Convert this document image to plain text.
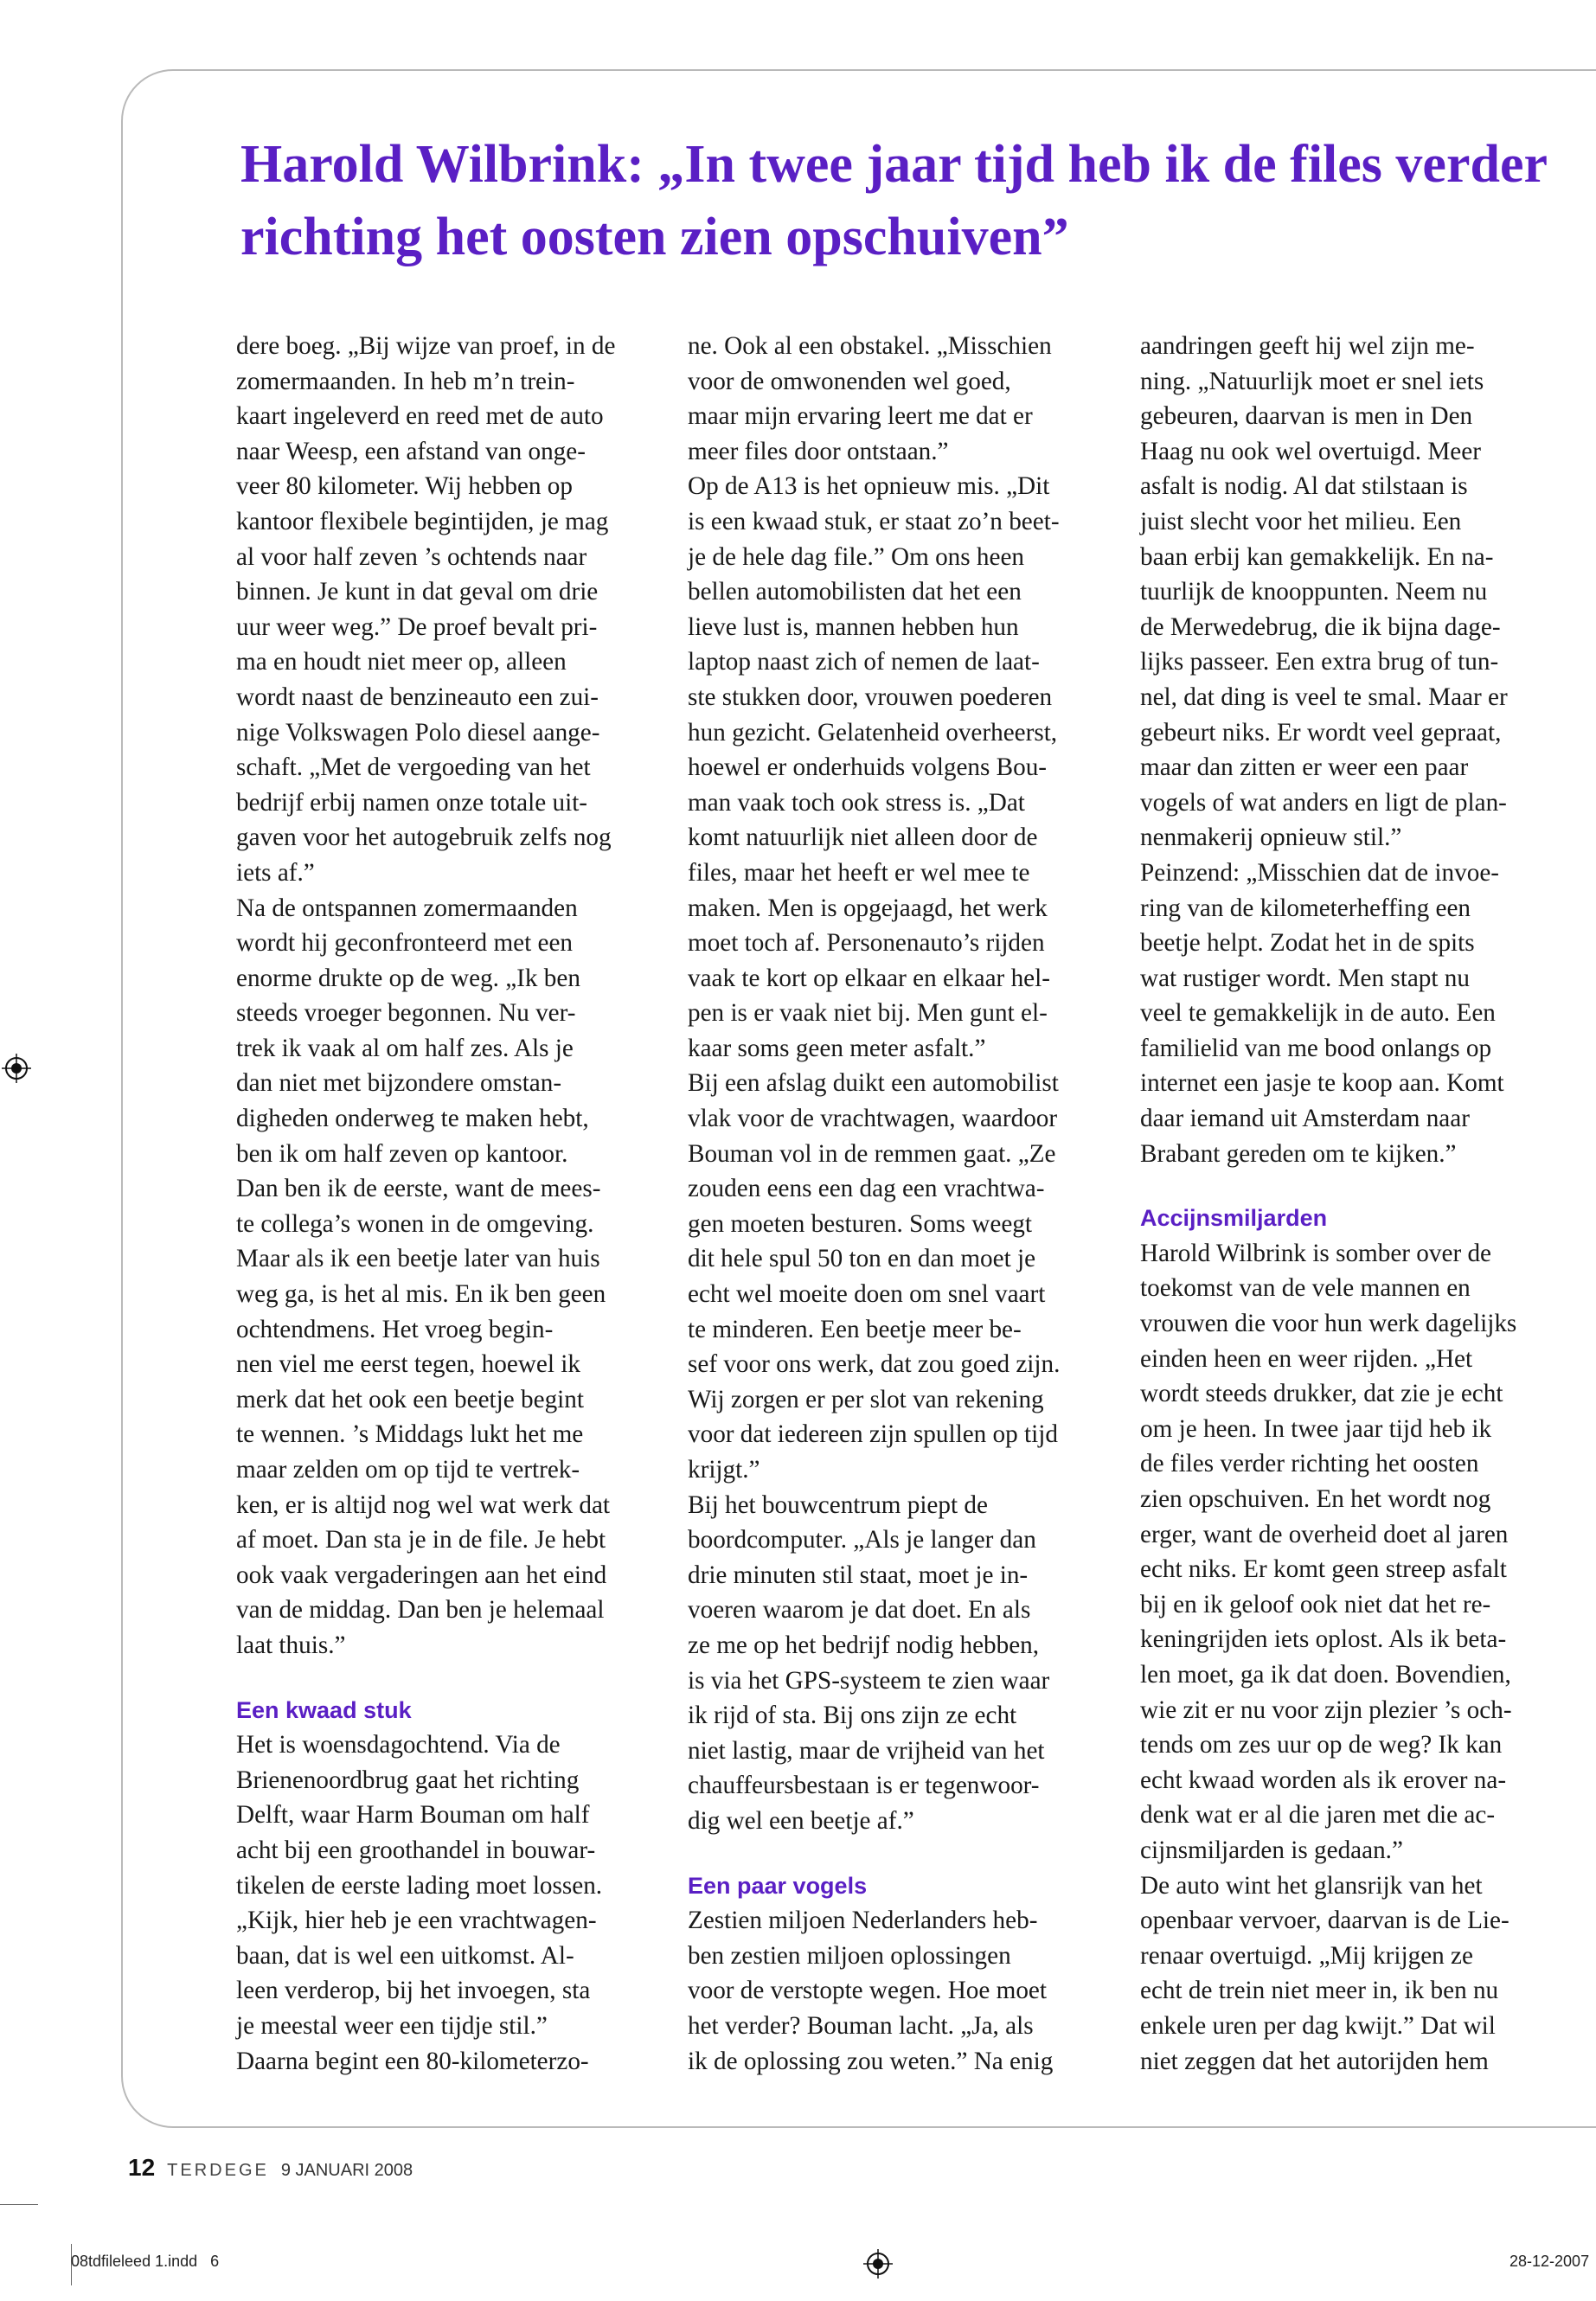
Harold Wilbrink: „In twee jaar tijd heb ik de files verder richting het oosten zien opschuiven”
dere boeg. „Bij wijze van proef, in de
zomermaanden. In heb m’n trein-
kaart ingeleverd en reed met de auto
naar Weesp, een afstand van onge-
veer 80 kilometer. Wij hebben op
kantoor flexibele begintijden, je mag
al voor half zeven ’s ochtends naar
binnen. Je kunt in dat geval om drie
uur weer weg.” De proef bevalt pri-
ma en houdt niet meer op, alleen
wordt naast de benzineauto een zui-
nige Volkswagen Polo diesel aange-
schaft. „Met de vergoeding van het
bedrijf erbij namen onze totale uit-
gaven voor het autogebruik zelfs nog
iets af.”
Na de ontspannen zomermaanden
wordt hij geconfronteerd met een
enorme drukte op de weg. „Ik ben
steeds vroeger begonnen. Nu ver-
trek ik vaak al om half zes. Als je
dan niet met bijzondere omstan-
digheden onderweg te maken hebt,
ben ik om half zeven op kantoor.
Dan ben ik de eerste, want de mees-
te collega’s wonen in de omgeving.
Maar als ik een beetje later van huis
weg ga, is het al mis. En ik ben geen
ochtendmens. Het vroeg begin-
nen viel me eerst tegen, hoewel ik
merk dat het ook een beetje begint
te wennen. ’s Middags lukt het me
maar zelden om op tijd te vertrek-
ken, er is altijd nog wel wat werk dat
af moet. Dan sta je in de file. Je hebt
ook vaak vergaderingen aan het eind
van de middag. Dan ben je helemaal
laat thuis.”
Een kwaad stuk
Het is woensdagochtend. Via de
Brienenoordbrug gaat het richting
Delft, waar Harm Bouman om half
acht bij een groothandel in bouwar-
tikelen de eerste lading moet lossen.
„Kijk, hier heb je een vrachtwagen-
baan, dat is wel een uitkomst. Al-
leen verderop, bij het invoegen, sta
je meestal weer een tijdje stil.”
Daarna begint een 80-kilometerzo-
ne. Ook al een obstakel. „Misschien
voor de omwonenden wel goed,
maar mijn ervaring leert me dat er
meer files door ontstaan.”
Op de A13 is het opnieuw mis. „Dit
is een kwaad stuk, er staat zo’n beet-
je de hele dag file.” Om ons heen
bellen automobilisten dat het een
lieve lust is, mannen hebben hun
laptop naast zich of nemen de laat-
ste stukken door, vrouwen poederen
hun gezicht. Gelatenheid overheerst,
hoewel er onderhuids volgens Bou-
man vaak toch ook stress is. „Dat
komt natuurlijk niet alleen door de
files, maar het heeft er wel mee te
maken. Men is opgejaagd, het werk
moet toch af. Personenauto’s rijden
vaak te kort op elkaar en elkaar hel-
pen is er vaak niet bij. Men gunt el-
kaar soms geen meter asfalt.”
Bij een afslag duikt een automobilist
vlak voor de vrachtwagen, waardoor
Bouman vol in de remmen gaat. „Ze
zouden eens een dag een vrachtwa-
gen moeten besturen. Soms weegt
dit hele spul 50 ton en dan moet je
echt wel moeite doen om snel vaart
te minderen. Een beetje meer be-
sef voor ons werk, dat zou goed zijn.
Wij zorgen er per slot van rekening
voor dat iedereen zijn spullen op tijd
krijgt.”
Bij het bouwcentrum piept de
boordcomputer. „Als je langer dan
drie minuten stil staat, moet je in-
voeren waarom je dat doet. En als
ze me op het bedrijf nodig hebben,
is via het GPS-systeem te zien waar
ik rijd of sta. Bij ons zijn ze echt
niet lastig, maar de vrijheid van het
chauffeursbestaan is er tegenwoor-
dig wel een beetje af.”
Een paar vogels
Zestien miljoen Nederlanders heb-
ben zestien miljoen oplossingen
voor de verstopte wegen. Hoe moet
het verder? Bouman lacht. „Ja, als
ik de oplossing zou weten.” Na enig
aandringen geeft hij wel zijn me-
ning. „Natuurlijk moet er snel iets
gebeuren, daarvan is men in Den
Haag nu ook wel overtuigd. Meer
asfalt is nodig. Al dat stilstaan is
juist slecht voor het milieu. Een
baan erbij kan gemakkelijk. En na-
tuurlijk de knooppunten. Neem nu
de Merwedebrug, die ik bijna dage-
lijks passeer. Een extra brug of tun-
nel, dat ding is veel te smal. Maar er
gebeurt niks. Er wordt veel gepraat,
maar dan zitten er weer een paar
vogels of wat anders en ligt de plan-
nenmakerij opnieuw stil.”
Peinzend: „Misschien dat de invoe-
ring van de kilometerheffing een
beetje helpt. Zodat het in de spits
wat rustiger wordt. Men stapt nu
veel te gemakkelijk in de auto. Een
familielid van me bood onlangs op
internet een jasje te koop aan. Komt
daar iemand uit Amsterdam naar
Brabant gereden om te kijken.”
Accijnsmiljarden
Harold Wilbrink is somber over de
toekomst van de vele mannen en
vrouwen die voor hun werk dagelijks
einden heen en weer rijden. „Het
wordt steeds drukker, dat zie je echt
om je heen. In twee jaar tijd heb ik
de files verder richting het oosten
zien opschuiven. En het wordt nog
erger, want de overheid doet al jaren
echt niks. Er komt geen streep asfalt
bij en ik geloof ook niet dat het re-
keningrijden iets oplost. Als ik beta-
len moet, ga ik dat doen. Bovendien,
wie zit er nu voor zijn plezier ’s och-
tends om zes uur op de weg? Ik kan
echt kwaad worden als ik erover na-
denk wat er al die jaren met die ac-
cijnsmiljarden is gedaan.”
De auto wint het glansrijk van het
openbaar vervoer, daarvan is de Lie-
renaar overtuigd. „Mij krijgen ze
echt de trein niet meer in, ik ben nu
enkele uren per dag kwijt.” Dat wil
niet zeggen dat het autorijden hem
12 TERDEGE 9 JANUARI 2008
08tdfileleed 1.indd   6	28-12-2007
